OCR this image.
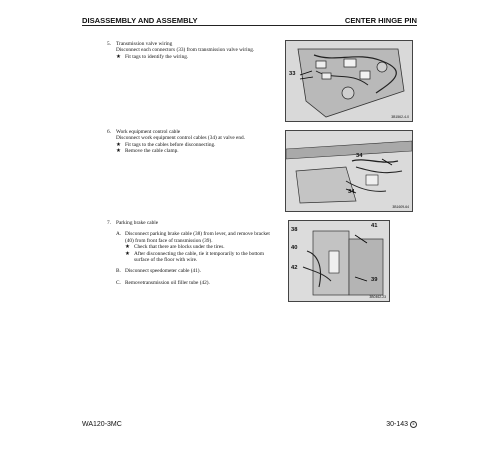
DISASSEMBLY AND ASSEMBLY	CENTER HINGE PIN
5. Transmission valve wiring
Disconnect each connectors (33) from transmission valve wiring.
★ Fit tags to identify the wiring.
6. Work equipment control cable
Disconnect work equipment control cables (34) at valve end.
★ Fit tags to the cables before disconnecting.
★ Remove the cable clamp.
7. Parking brake cable
A. Disconnect parking brake cable (38) from lever, and remove bracket (40) from front face of transmission (39).
★ Check that there are blocks under the tires.
★ After disconnecting the cable, tie it temporarily to the bottom surface of the floor with wire.
B. Disconnect speedometer cable (41).
C. Removetransmission oil filler tube (42).
33
3B1562-4-0
34
34
3B1609-64
38
40
41
42
39
3B0462-23
WA120-3MC	30-143 ①
